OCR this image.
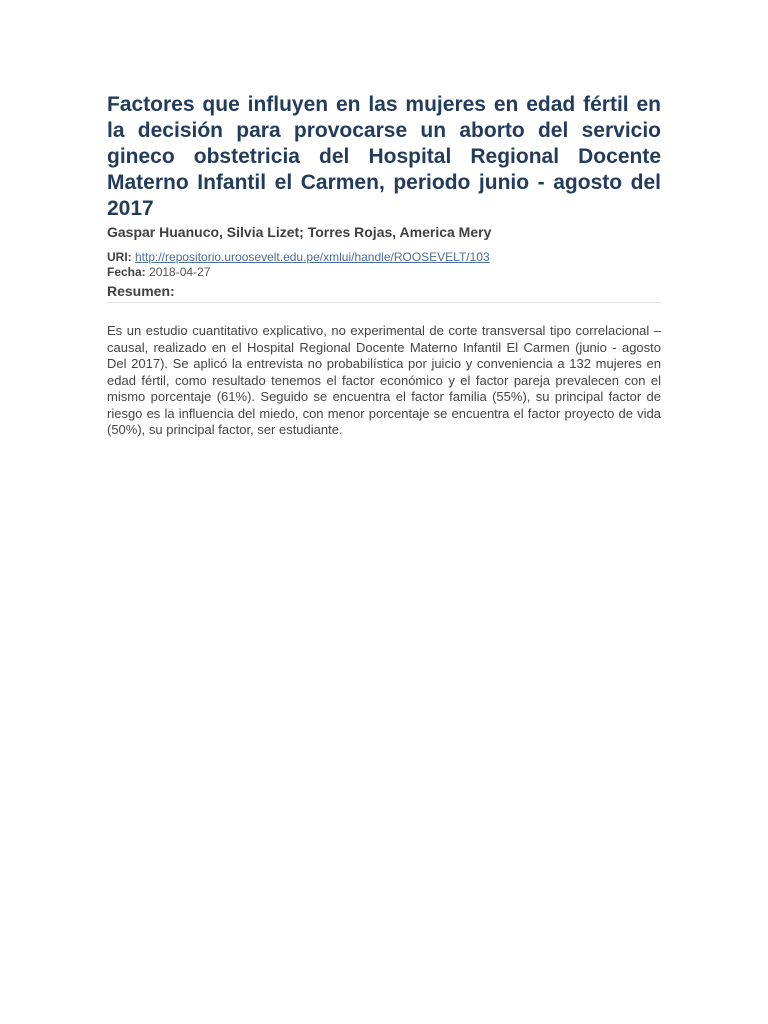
Factores que influyen en las mujeres en edad fértil en la decisión para provocarse un aborto del servicio gineco obstetricia del Hospital Regional Docente Materno Infantil el Carmen, periodo junio - agosto del 2017
Gaspar Huanuco, Silvia Lizet; Torres Rojas, America Mery
URI: http://repositorio.uroosevelt.edu.pe/xmlui/handle/ROOSEVELT/103
Fecha: 2018-04-27
Resumen:

Es un estudio cuantitativo explicativo, no experimental de corte transversal tipo correlacional – causal, realizado en el Hospital Regional Docente Materno Infantil El Carmen (junio - agosto Del 2017). Se aplicó la entrevista no probabilística por juicio y conveniencia a 132 mujeres en edad fértil, como resultado tenemos el factor económico y el factor pareja prevalecen con el mismo porcentaje (61%). Seguido se encuentra el factor familia (55%), su principal factor de riesgo es la influencia del miedo, con menor porcentaje se encuentra el factor proyecto de vida (50%), su principal factor, ser estudiante.
